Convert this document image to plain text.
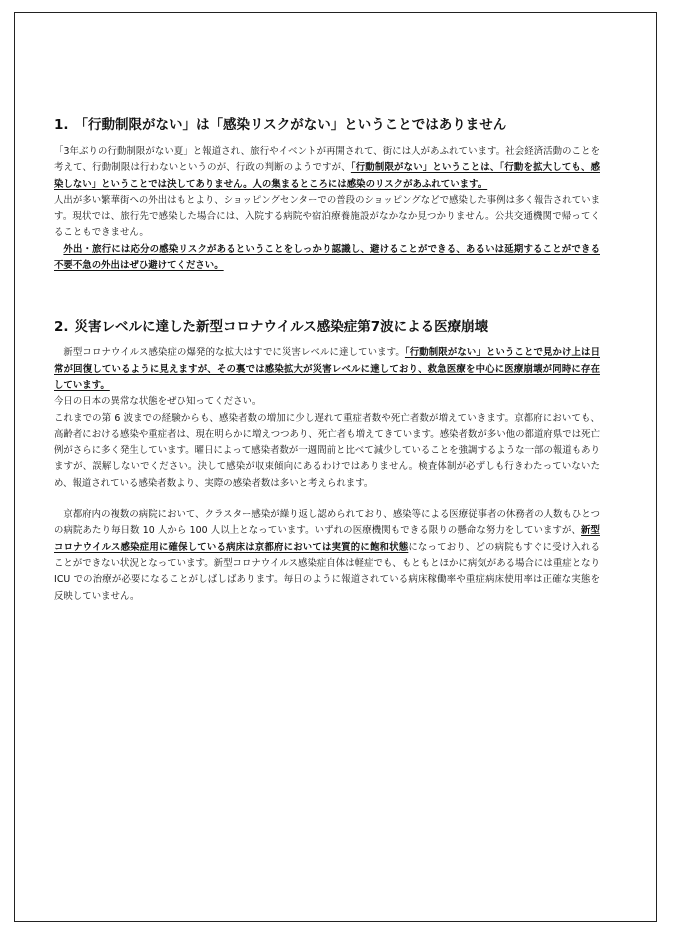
1. 「行動制限がない」は「感染リスクがない」ということではありません

「3年ぶりの行動制限がない夏」と報道され、旅行やイベントが再開されて、街には人があふれています。社会経済活動のことを考えて、行動制限は行わないというのが、行政の判断のようですが、「行動制限がない」ということは、「行動を拡大しても、感染しない」ということでは決してありません。人の集まるところには感染のリスクがあふれています。

人出が多い繁華街への外出はもとより、ショッピングセンターでの普段のショッピングなどで感染した事例は多く報告されています。現状では、旅行先で感染した場合には、入院する病院や宿泊療養施設がなかなか見つかりません。公共交通機関で帰ってくることもできません。

外出・旅行には応分の感染リスクがあるということをしっかり認識し、避けることができる、あるいは延期することができる不要不急の外出はぜひ避けてください。

2. 災害レベルに達した新型コロナウイルス感染症第7波による医療崩壊

新型コロナウイルス感染症の爆発的な拡大はすでに災害レベルに達しています。「行動制限がない」ということで見かけ上は日常が回復しているように見えますが、その裏では感染拡大が災害レベルに達しており、救急医療を中心に医療崩壊が同時に存在しています。

今日の日本の異常な状態をぜひ知ってください。

これまでの第 6 波までの経験からも、感染者数の増加に少し遅れて重症者数や死亡者数が増えていきます。京都府においても、高齢者における感染や重症者は、現在明らかに増えつつあり、死亡者も増えてきています。感染者数が多い他の都道府県では死亡例がさらに多く発生しています。曜日によって感染者数が一週間前と比べて減少していることを強調するような一部の報道もありますが、誤解しないでください。決して感染が収束傾向にあるわけではありません。検査体制が必ずしも行きわたっていないため、報道されている感染者数より、実際の感染者数は多いと考えられます。

京都府内の複数の病院において、クラスター感染が繰り返し認められており、感染等による医療従事者の休務者の人数もひとつの病院あたり毎日数 10 人から 100 人以上となっています。いずれの医療機関もできる限りの懸命な努力をしていますが、新型コロナウイルス感染症用に確保している病床は京都府においては実質的に飽和状態になっており、どの病院もすぐに受け入れることができない状況となっています。新型コロナウイルス感染症自体は軽症でも、もともとほかに病気がある場合には重症となり ICU での治療が必要になることがしばしばあります。毎日のように報道されている病床稼働率や重症病床使用率は正確な実態を反映していません。
